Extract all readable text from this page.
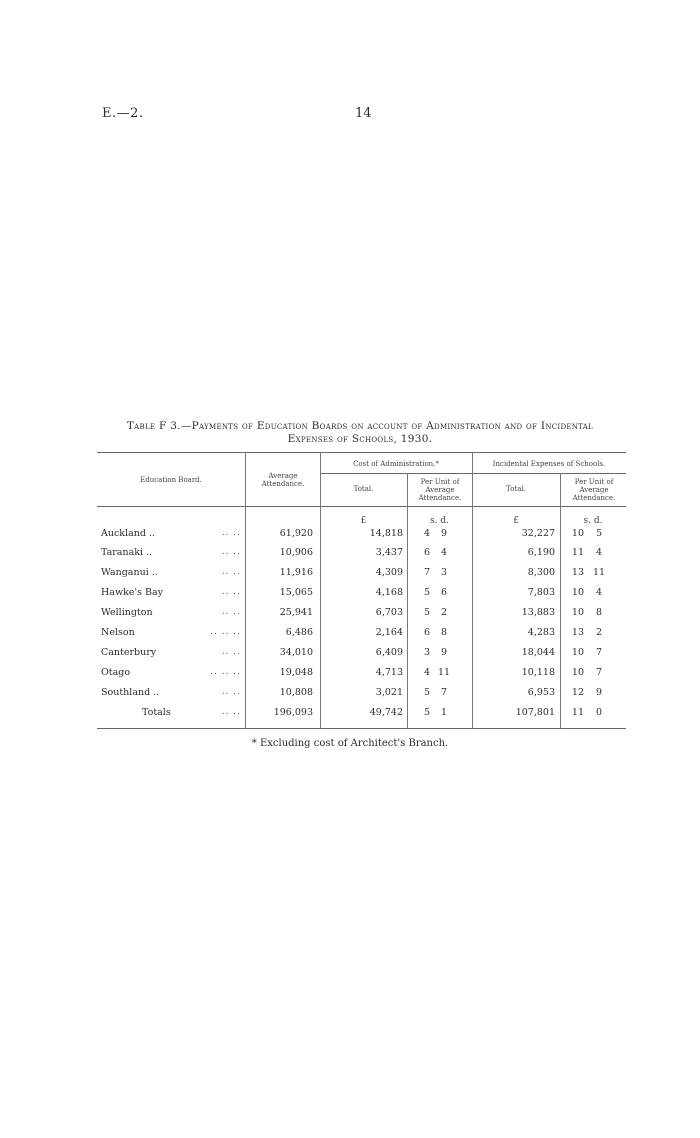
E.—2.	14
Table F 3.—Payments of Education Boards on account of Administration and of Incidental
Expenses of Schools, 1930.
Education Board.	Average Attendance.
Cost of Administration.*	Incidental Expenses of Schools.
Total.
Per Unit of Average Attendance.
Total.
Per Unit of Average Attendance.
£	s. d.	£	s. d.
Auckland ..	.. ..	61,920	14,818	4	9	32,227	10	5
Taranaki ..	.. ..	10,906	3,437	6	4	6,190	11	4
Wanganui ..	.. ..	11,916	4,309	7	3	8,300	13 11
Hawke's Bay	.. ..	15,065	4,168	5	6	7,803	10	4
Wellington	.. ..	25,941	6,703	5	2	13,883	10	8
Nelson	.. .. ..	6,486	2,164	6	8	4,283	13	2
Canterbury	.. ..	34,010	6,409	3	9	18,044	10	7
Otago	.. .. ..	19,048	4,713	4 11	10,118	10	7
Southland ..	.. ..	10,808	3,021	5	7	6,953	12	9
Totals	.. ..	196,093	49,742	5	1	107,801	11	0
* Excluding cost of Architect's Branch.
